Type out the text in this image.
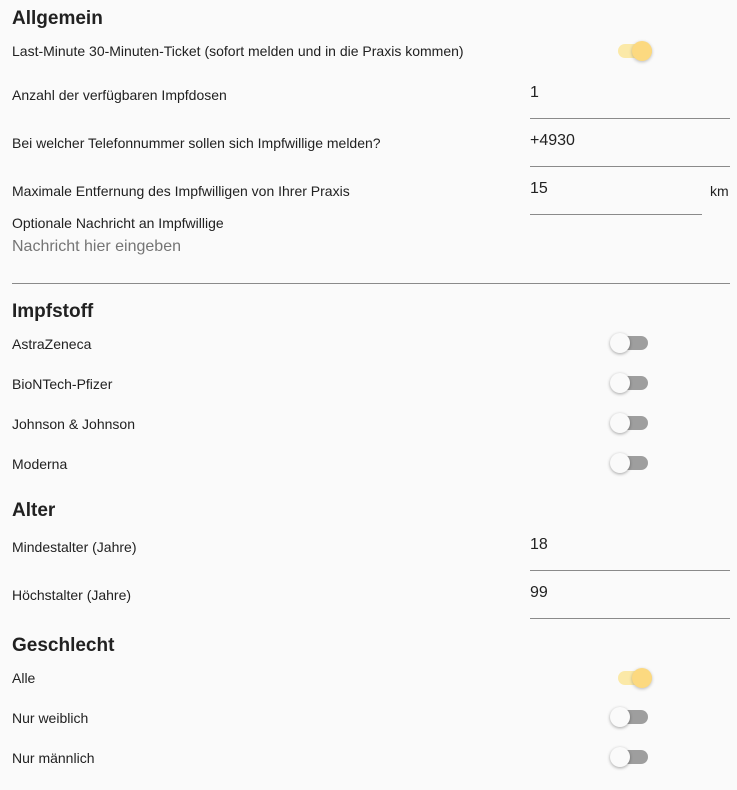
Allgemein
Last-Minute 30-Minuten-Ticket (sofort melden und in die Praxis kommen)
Anzahl der verfügbaren Impfdosen
1
Bei welcher Telefonnummer sollen sich Impfwillige melden?
+4930
Maximale Entfernung des Impfwilligen von Ihrer Praxis
15	km
Optionale Nachricht an Impfwillige
Nachricht hier eingeben
Impfstoff
AstraZeneca
BioNTech-Pfizer
Johnson & Johnson
Moderna
Alter
Mindestalter (Jahre)
18
Höchstalter (Jahre)
99
Geschlecht
Alle
Nur weiblich
Nur männlich
